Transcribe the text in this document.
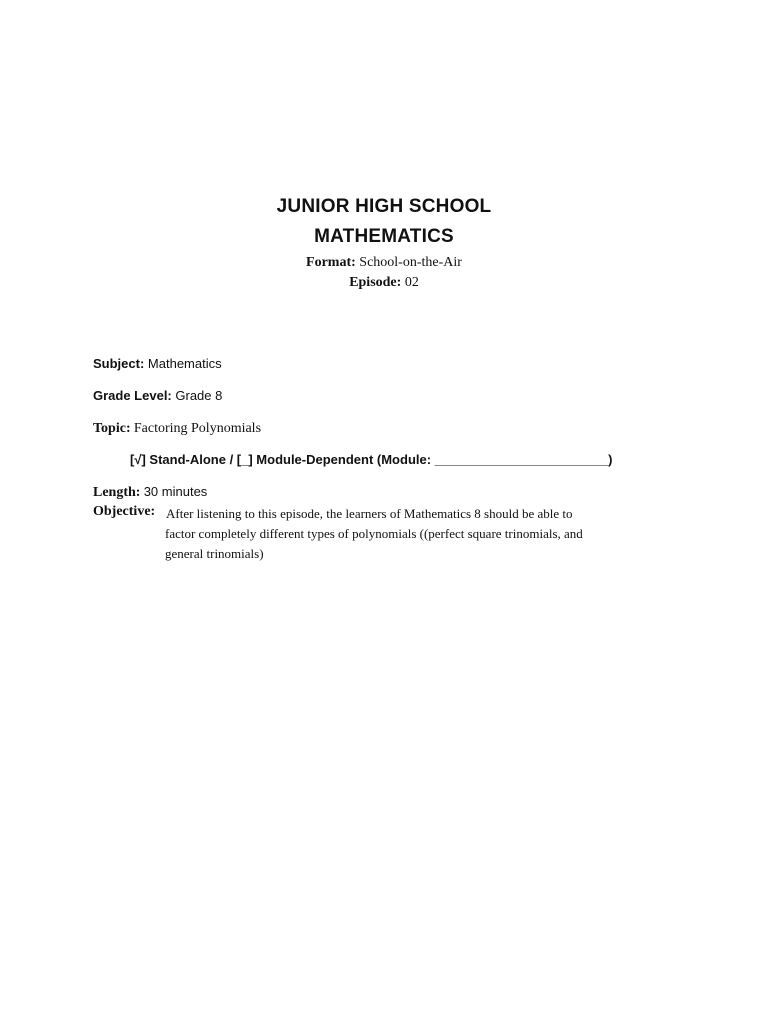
JUNIOR HIGH SCHOOL
MATHEMATICS
Format: School-on-the-Air
Episode: 02
Subject: Mathematics
Grade Level: Grade 8
Topic: Factoring Polynomials
[√] Stand-Alone / [_] Module-Dependent (Module: ________________________)
Length: 30 minutes
Objective: After listening to this episode, the learners of Mathematics 8 should be able to
factor completely different types of polynomials ((perfect square trinomials, and
general trinomials)
